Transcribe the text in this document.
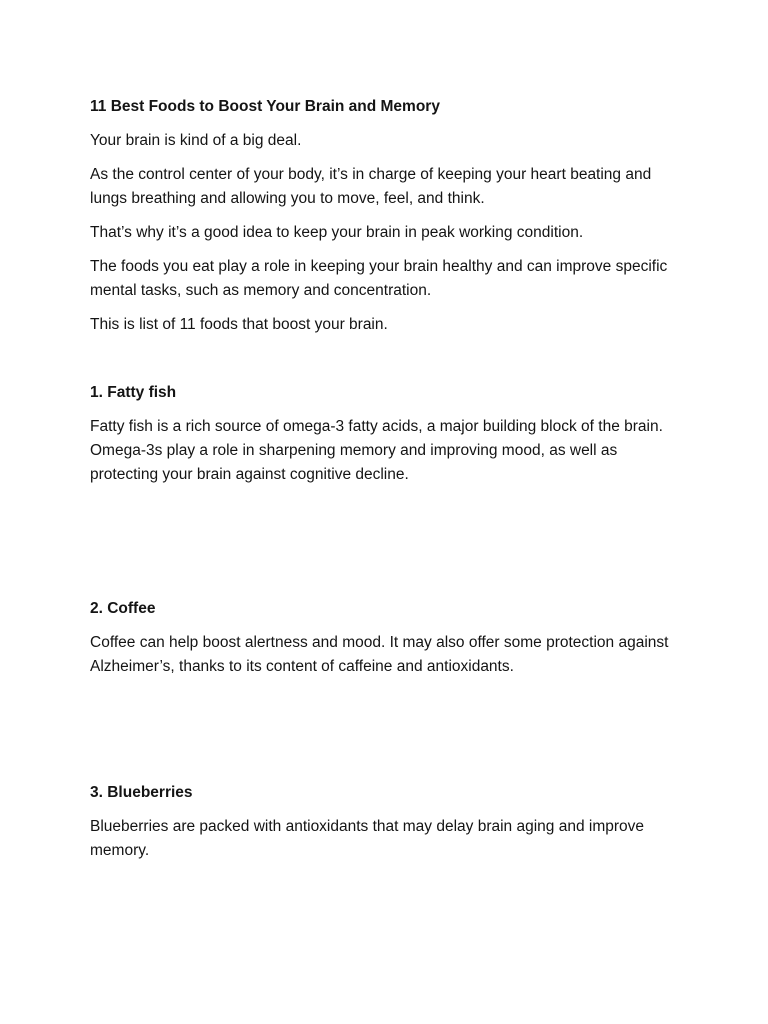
11 Best Foods to Boost Your Brain and Memory

Your brain is kind of a big deal.

As the control center of your body, it’s in charge of keeping your heart beating and lungs breathing and allowing you to move, feel, and think.

That’s why it’s a good idea to keep your brain in peak working condition.

The foods you eat play a role in keeping your brain healthy and can improve specific mental tasks, such as memory and concentration.

This is list of 11 foods that boost your brain.

1. Fatty fish

Fatty fish is a rich source of omega-3 fatty acids, a major building block of the brain. Omega-3s play a role in sharpening memory and improving mood, as well as protecting your brain against cognitive decline.

2. Coffee

Coffee can help boost alertness and mood. It may also offer some protection against Alzheimer’s, thanks to its content of caffeine and antioxidants.

3. Blueberries

Blueberries are packed with antioxidants that may delay brain aging and improve memory.
